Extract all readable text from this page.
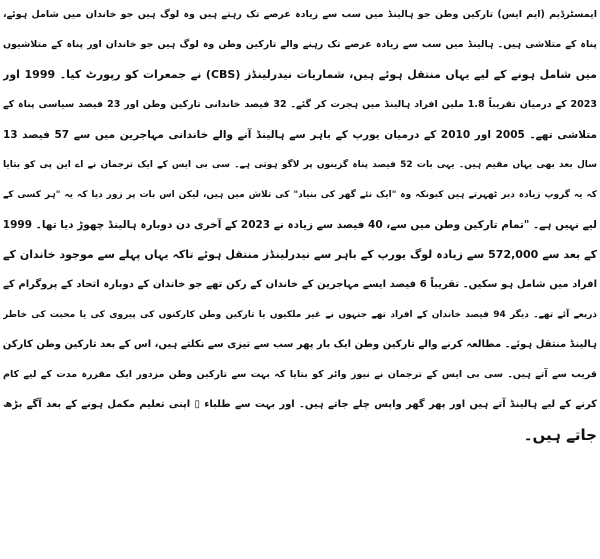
ایمسٹرڈیم (ایم ایس) تارکین وطن جو ہالینڈ میں سب سے زیادہ عرصے تک رہتے ہیں وہ لوگ ہیں جو خاندان میں شامل ہوئے،
پناہ کے متلاشی ہیں۔ ہالینڈ میں سب سے زیادہ عرصے تک رہنے والے تارکین وطن وہ لوگ ہیں جو خاندان اور پناہ کے متلاشیوں
میں شامل ہونے کے لیے یہاں منتقل ہوئے ہیں، شماریات نیدرلینڈز (CBS) نے جمعرات کو رپورٹ کیا۔ 1999 اور
2023 کے درمیان تقریباً 1.8 ملین افراد ہالینڈ میں ہجرت کر گئے۔ 32 فیصد خاندانی تارکین وطن اور 23 فیصد سیاسی پناہ کے
متلاشی تھے۔ 2005 اور 2010 کے درمیان یورپ کے باہر سے ہالینڈ آنے والے خاندانی مہاجرین میں سے 57 فیصد 13
سال بعد بھی یہاں مقیم ہیں۔ یہی بات 52 فیصد پناہ گزینوں پر لاگو ہوتی ہے۔ سی بی ایس کے ایک ترجمان نے اے این پی کو بتایا
کہ یہ گروپ زیادہ دیر ٹھہرتے ہیں کیونکہ وہ "ایک نئے گھر کی بنیاد" کی تلاش میں ہیں، لیکن اس بات پر زور دیا کہ یہ "ہر کسی کے
لیے نہیں ہے۔ "تمام تارکین وطن میں سے، 40 فیصد سے زیادہ نے 2023 کے آخری دن دوبارہ ہالینڈ چھوڑ دیا تھا۔ 1999
کے بعد سے 572,000 سے زیادہ لوگ یورپ کے باہر سے نیدرلینڈز منتقل ہوئے تاکہ یہاں پہلے سے موجود خاندان کے
افراد میں شامل ہو سکیں۔ تقریباً 6 فیصد ایسے مہاجرین کے خاندان کے رکن تھے جو خاندان کے دوبارہ اتحاد کے پروگرام کے
ذریعے آئے تھے۔ دیگر 94 فیصد خاندان کے افراد تھے جنہوں نے غیر ملکیوں یا تارکین وطن کارکنوں کی پیروی کی یا محبت کی خاطر
ہالینڈ منتقل ہوئے۔ مطالعہ کرنے والے تارکین وطن ایک بار پھر سب سے تیزی سے نکلتے ہیں، اس کے بعد تارکین وطن کارکن
قریب سے آتے ہیں۔ سی بی ایس کے ترجمان نے نیوز وائر کو بتایا کہ بہت سے تارکین وطن مزدور ایک مقررہ مدت کے لیے کام
کرنے کے لیے ہالینڈ آتے ہیں اور پھر گھر واپس چلے جاتے ہیں۔ اور بہت سے طلباء ▯ اپنی تعلیم مکمل ہونے کے بعد آگے بڑھ
جاتے ہیں۔
